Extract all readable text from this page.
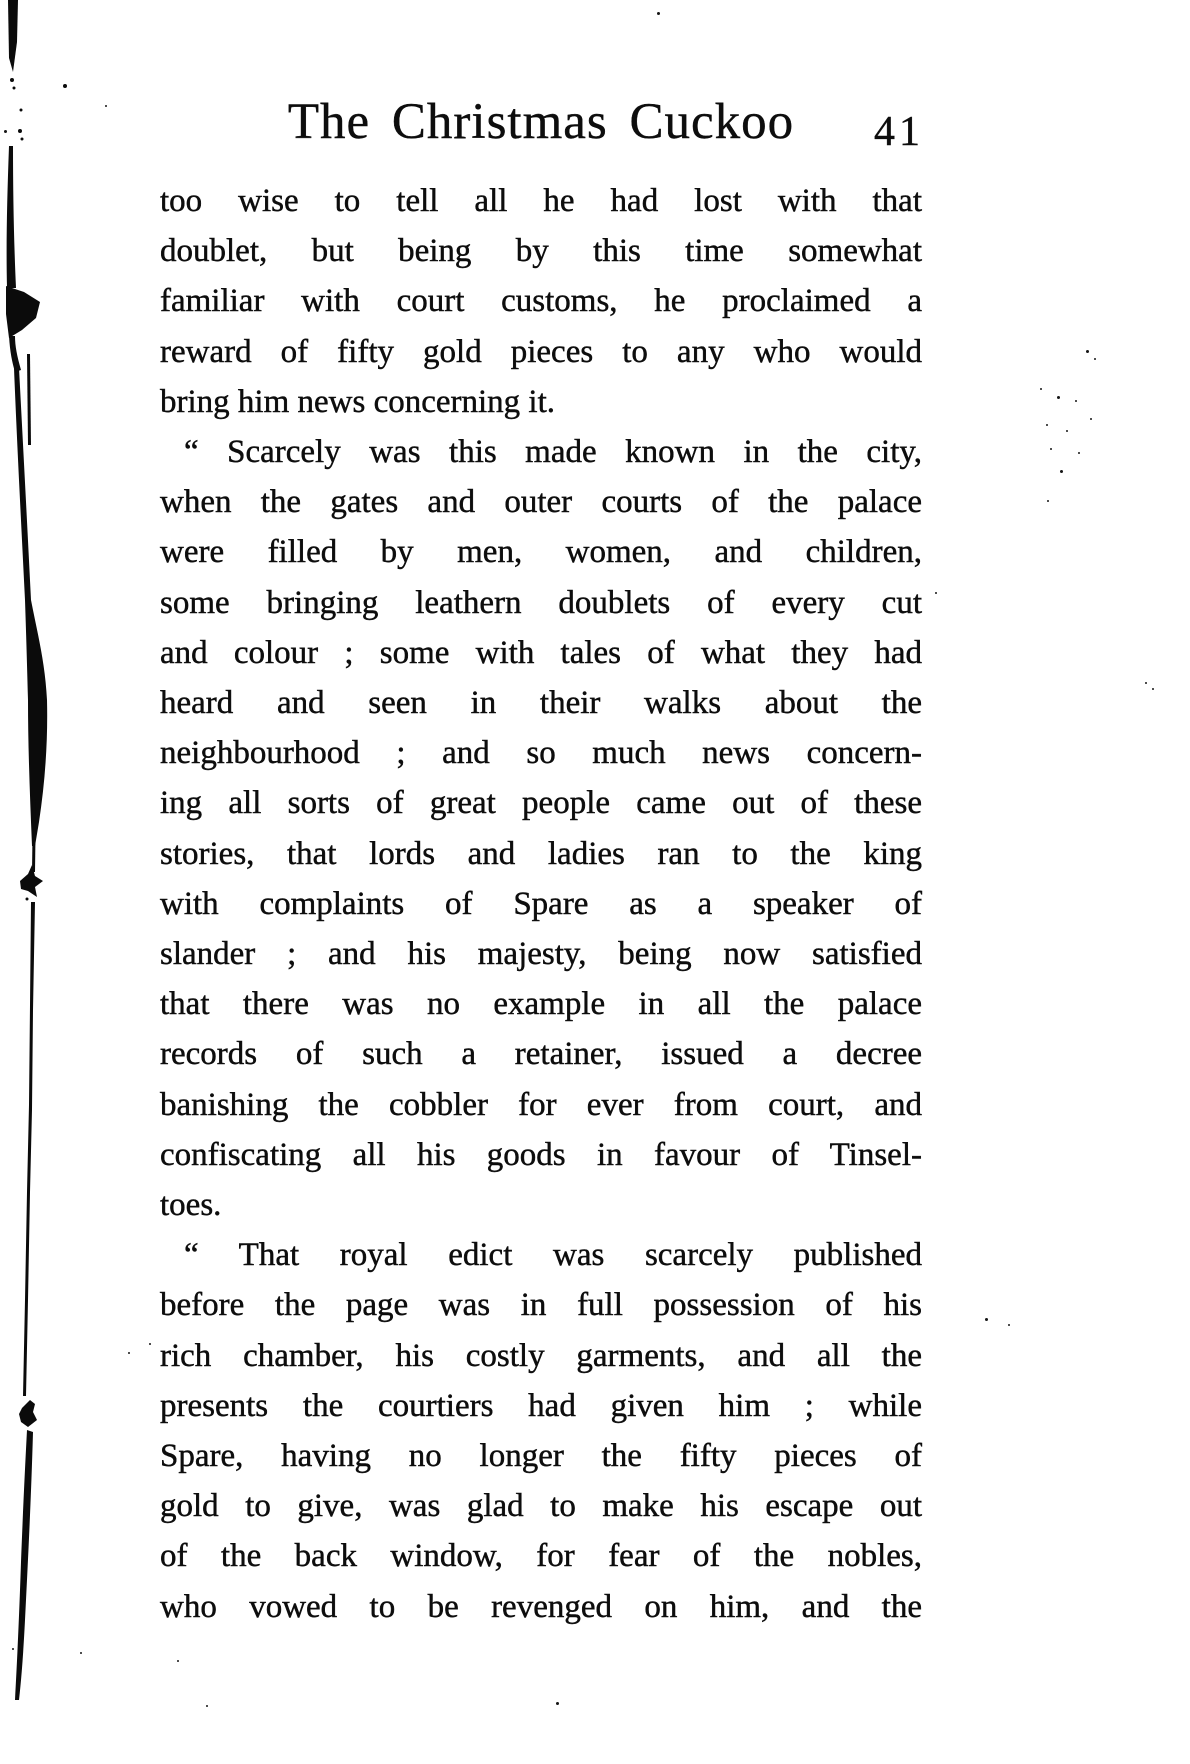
The Christmas Cuckoo	41
too wise to tell all he had lost with that
doublet, but being by this time somewhat
familiar with court customs, he proclaimed a
reward of fifty gold pieces to any who would
bring him news concerning it.
“ Scarcely was this made known in the city,
when the gates and outer courts of the palace
were filled by men, women, and children,
some bringing leathern doublets of every cut
and colour ; some with tales of what they had
heard and seen in their walks about the
neighbourhood ; and so much news concern-
ing all sorts of great people came out of these
stories, that lords and ladies ran to the king
with complaints of Spare as a speaker of
slander ; and his majesty, being now satisfied
that there was no example in all the palace
records of such a retainer, issued a decree
banishing the cobbler for ever from court, and
confiscating all his goods in favour of Tinsel-
toes.
“ That royal edict was scarcely published
before the page was in full possession of his
rich chamber, his costly garments, and all the
presents the courtiers had given him ; while
Spare, having no longer the fifty pieces of
gold to give, was glad to make his escape out
of the back window, for fear of the nobles,
who vowed to be revenged on him, and the
